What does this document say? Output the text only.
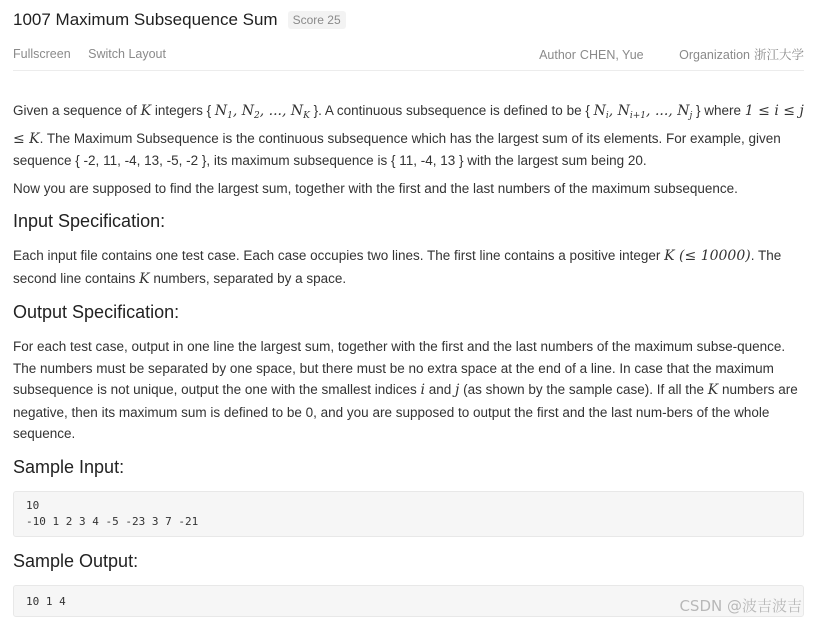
1007 Maximum Subsequence Sum	Score 25
Fullscreen Switch Layout	Author CHEN, Yue	Organization 浙江大学

Given a sequence of K integers { $N_1$, $N_2$, ..., $N_K$ }. A continuous subsequence is defined to be { $N_i$, $N_{i+1}$, ..., $N_j$ } where 1 ≤ i ≤ j ≤ K. The Maximum Subsequence is the continuous subsequence which has the largest sum of its elements. For example, given sequence { -2, 11, -4, 13, -5, -2 }, its maximum subsequence is { 11, -4, 13 } with the largest sum being 20.

Now you are supposed to find the largest sum, together with the first and the last numbers of the maximum subsequence.

Input Specification:

Each input file contains one test case. Each case occupies two lines. The first line contains a positive integer K (≤ 10000). The second line contains K numbers, separated by a space.

Output Specification:

For each test case, output in one line the largest sum, together with the first and the last numbers of the maximum subse-quence. The numbers must be separated by one space, but there must be no extra space at the end of a line. In case that the maximum subsequence is not unique, output the one with the smallest indices i and j (as shown by the sample case). If all the K numbers are negative, then its maximum sum is defined to be 0, and you are supposed to output the first and the last num-bers of the whole sequence.

Sample Input:
10
-10 1 2 3 4 -5 -23 3 7 -21
Sample Output:
10 1 4	CSDN @波吉波吉
